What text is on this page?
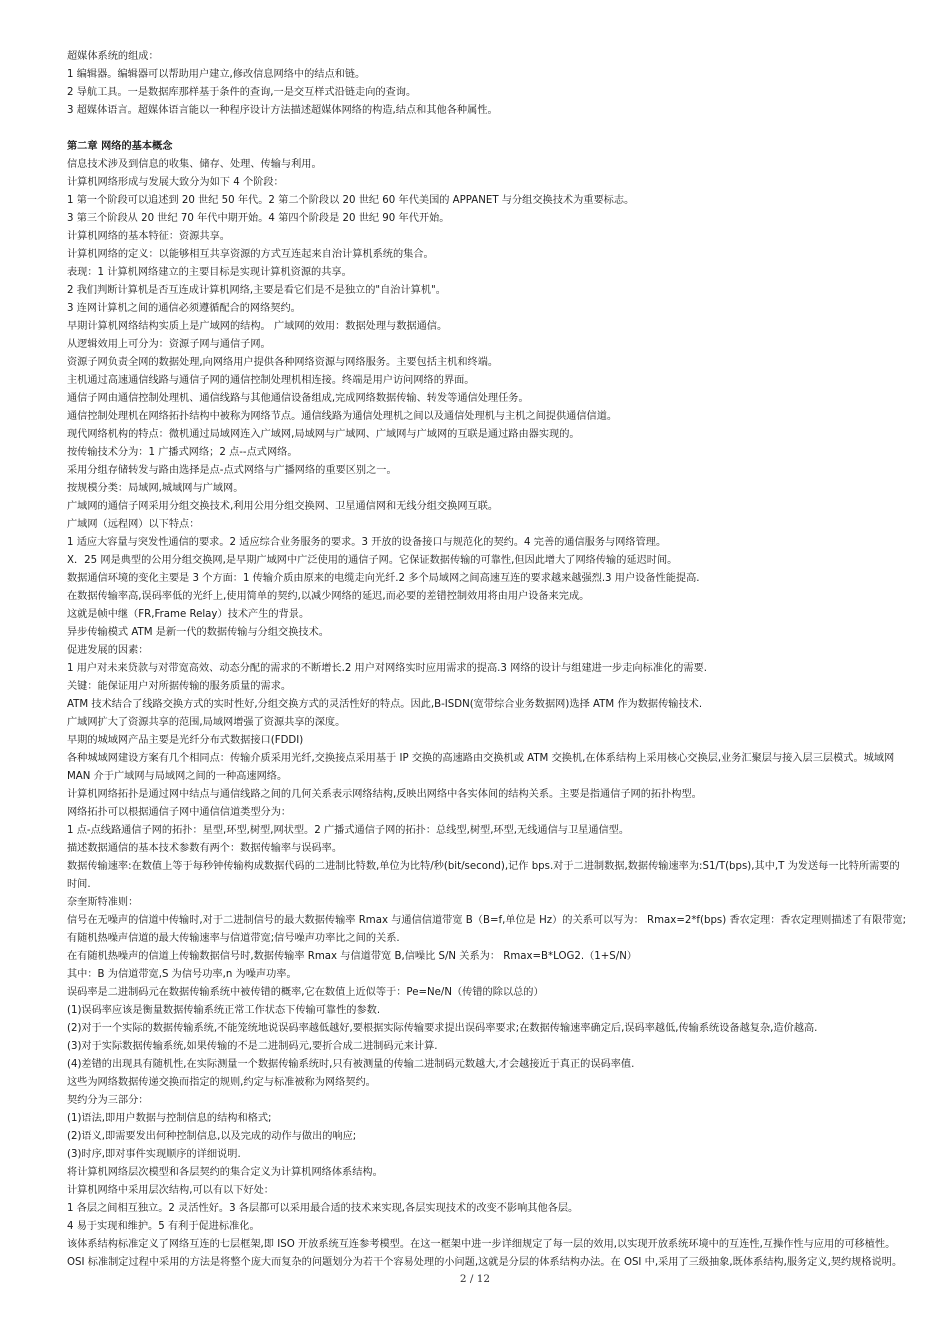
超媒体系统的组成：
1 编辑器。编辑器可以帮助用户建立,修改信息网络中的结点和链。
2 导航工具。一是数据库那样基于条件的查询,一是交互样式沿链走向的查询。
3 超媒体语言。超媒体语言能以一种程序设计方法描述超媒体网络的构造,结点和其他各种属性。
第二章 网络的基本概念
信息技术涉及到信息的收集、储存、处理、传输与利用。
计算机网络形成与发展大致分为如下 4 个阶段：
1 第一个阶段可以追述到 20 世纪 50 年代。2 第二个阶段以 20 世纪 60 年代美国的 APPANET 与分组交换技术为重要标志。
3 第三个阶段从 20 世纪 70 年代中期开始。4 第四个阶段是 20 世纪 90 年代开始。
计算机网络的基本特征：资源共享。
计算机网络的定义：以能够相互共享资源的方式互连起来自治计算机系统的集合。
表现：1 计算机网络建立的主要目标是实现计算机资源的共享。
2 我们判断计算机是否互连成计算机网络,主要是看它们是不是独立的"自治计算机"。
3 连网计算机之间的通信必须遵循配合的网络契约。
早期计算机网络结构实质上是广域网的结构。 广域网的效用：数据处理与数据通信。
从逻辑效用上可分为：资源子网与通信子网。
资源子网负责全网的数据处理,向网络用户提供各种网络资源与网络服务。主要包括主机和终端。
主机通过高速通信线路与通信子网的通信控制处理机相连接。终端是用户访问网络的界面。
通信子网由通信控制处理机、通信线路与其他通信设备组成,完成网络数据传输、转发等通信处理任务。
通信控制处理机在网络拓扑结构中被称为网络节点。通信线路为通信处理机之间以及通信处理机与主机之间提供通信信道。
现代网络机构的特点：微机通过局域网连入广域网,局域网与广域网、广域网与广域网的互联是通过路由器实现的。
按传输技术分为：1 广播式网络；2 点--点式网络。
采用分组存储转发与路由选择是点-点式网络与广播网络的重要区别之一。
按规模分类：局域网,城域网与广域网。
广域网的通信子网采用分组交换技术,利用公用分组交换网、卫星通信网和无线分组交换网互联。
广域网（远程网）以下特点：
1 适应大容量与突发性通信的要求。2 适应综合业务服务的要求。3 开放的设备接口与规范化的契约。4 完善的通信服务与网络管理。
X．25 网是典型的公用分组交换网,是早期广域网中广泛使用的通信子网。它保证数据传输的可靠性,但因此增大了网络传输的延迟时间。
数据通信环境的变化主要是 3 个方面：1 传输介质由原来的电缆走向光纤.2 多个局域网之间高速互连的要求越来越强烈.3 用户设备性能提高.
在数据传输率高,误码率低的光纤上,使用简单的契约,以减少网络的延迟,而必要的差错控制效用将由用户设备来完成。
这就是帧中继（FR,Frame Relay）技术产生的背景。
异步传输模式 ATM 是新一代的数据传输与分组交换技术。
促进发展的因素：
1 用户对未来贷款与对带宽高效、动态分配的需求的不断增长.2 用户对网络实时应用需求的提高.3 网络的设计与组建进一步走向标准化的需要.
关键：能保证用户对所据传输的服务质量的需求。
ATM 技术结合了线路交换方式的实时性好,分组交换方式的灵活性好的特点。因此,B-ISDN(宽带综合业务数据网)选择 ATM 作为数据传输技术.
广域网扩大了资源共享的范围,局域网增强了资源共享的深度。
早期的城域网产品主要是光纤分布式数据接口(FDDI)
各种城域网建设方案有几个相同点：传输介质采用光纤,交换接点采用基于 IP 交换的高速路由交换机或 ATM 交换机,在体系结构上采用核心交换层,业务汇聚层与接入层三层模式。城域网
MAN 介于广域网与局域网之间的一种高速网络。
计算机网络拓扑是通过网中结点与通信线路之间的几何关系表示网络结构,反映出网络中各实体间的结构关系。主要是指通信子网的拓扑构型。
网络拓扑可以根据通信子网中通信信道类型分为：
1 点-点线路通信子网的拓扑：星型,环型,树型,网状型。2 广播式通信子网的拓扑：总线型,树型,环型,无线通信与卫星通信型。
描述数据通信的基本技术参数有两个：数据传输率与误码率。
数据传输速率:在数值上等于每秒钟传输构成数据代码的二进制比特数,单位为比特/秒(bit/second),记作 bps.对于二进制数据,数据传输速率为:S1/T(bps),其中,T 为发送每一比特所需要的
时间.
奈奎斯特准则：
信号在无噪声的信道中传输时,对于二进制信号的最大数据传输率 Rmax 与通信信道带宽 B（B=f,单位是 Hz）的关系可以写为： Rmax=2*f(bps) 香农定理：香农定理则描述了有限带宽;
有随机热噪声信道的最大传输速率与信道带宽;信号噪声功率比之间的关系.
在有随机热噪声的信道上传输数据信号时,数据传输率 Rmax 与信道带宽 B,信噪比 S/N 关系为： Rmax=B*LOG2.（1+S/N）
其中：B 为信道带宽,S 为信号功率,n 为噪声功率。
误码率是二进制码元在数据传输系统中被传错的概率,它在数值上近似等于：Pe=Ne/N（传错的除以总的）
(1)误码率应该是衡量数据传输系统正常工作状态下传输可靠性的参数.
(2)对于一个实际的数据传输系统,不能笼统地说误码率越低越好,要根据实际传输要求提出误码率要求;在数据传输速率确定后,误码率越低,传输系统设备越复杂,造价越高.
(3)对于实际数据传输系统,如果传输的不是二进制码元,要折合成二进制码元来计算.
(4)差错的出现具有随机性,在实际测量一个数据传输系统时,只有被测量的传输二进制码元数越大,才会越接近于真正的误码率值.
这些为网络数据传递交换而指定的规则,约定与标准被称为网络契约。
契约分为三部分：
(1)语法,即用户数据与控制信息的结构和格式;
(2)语义,即需要发出何种控制信息,以及完成的动作与做出的响应;
(3)时序,即对事件实现顺序的详细说明.
将计算机网络层次模型和各层契约的集合定义为计算机网络体系结构。
计算机网络中采用层次结构,可以有以下好处：
1 各层之间相互独立。2 灵活性好。3 各层都可以采用最合适的技术来实现,各层实现技术的改变不影响其他各层。
4 易于实现和维护。5 有利于促进标准化。
该体系结构标准定义了网络互连的七层框架,即 ISO 开放系统互连参考模型。在这一框架中进一步详细规定了每一层的效用,以实现开放系统环境中的互连性,互操作性与应用的可移植性。
OSI 标准制定过程中采用的方法是将整个庞大而复杂的问题划分为若干个容易处理的小问题,这就是分层的体系结构办法。在 OSI 中,采用了三级抽象,既体系结构,服务定义,契约规格说明。
2 / 12
